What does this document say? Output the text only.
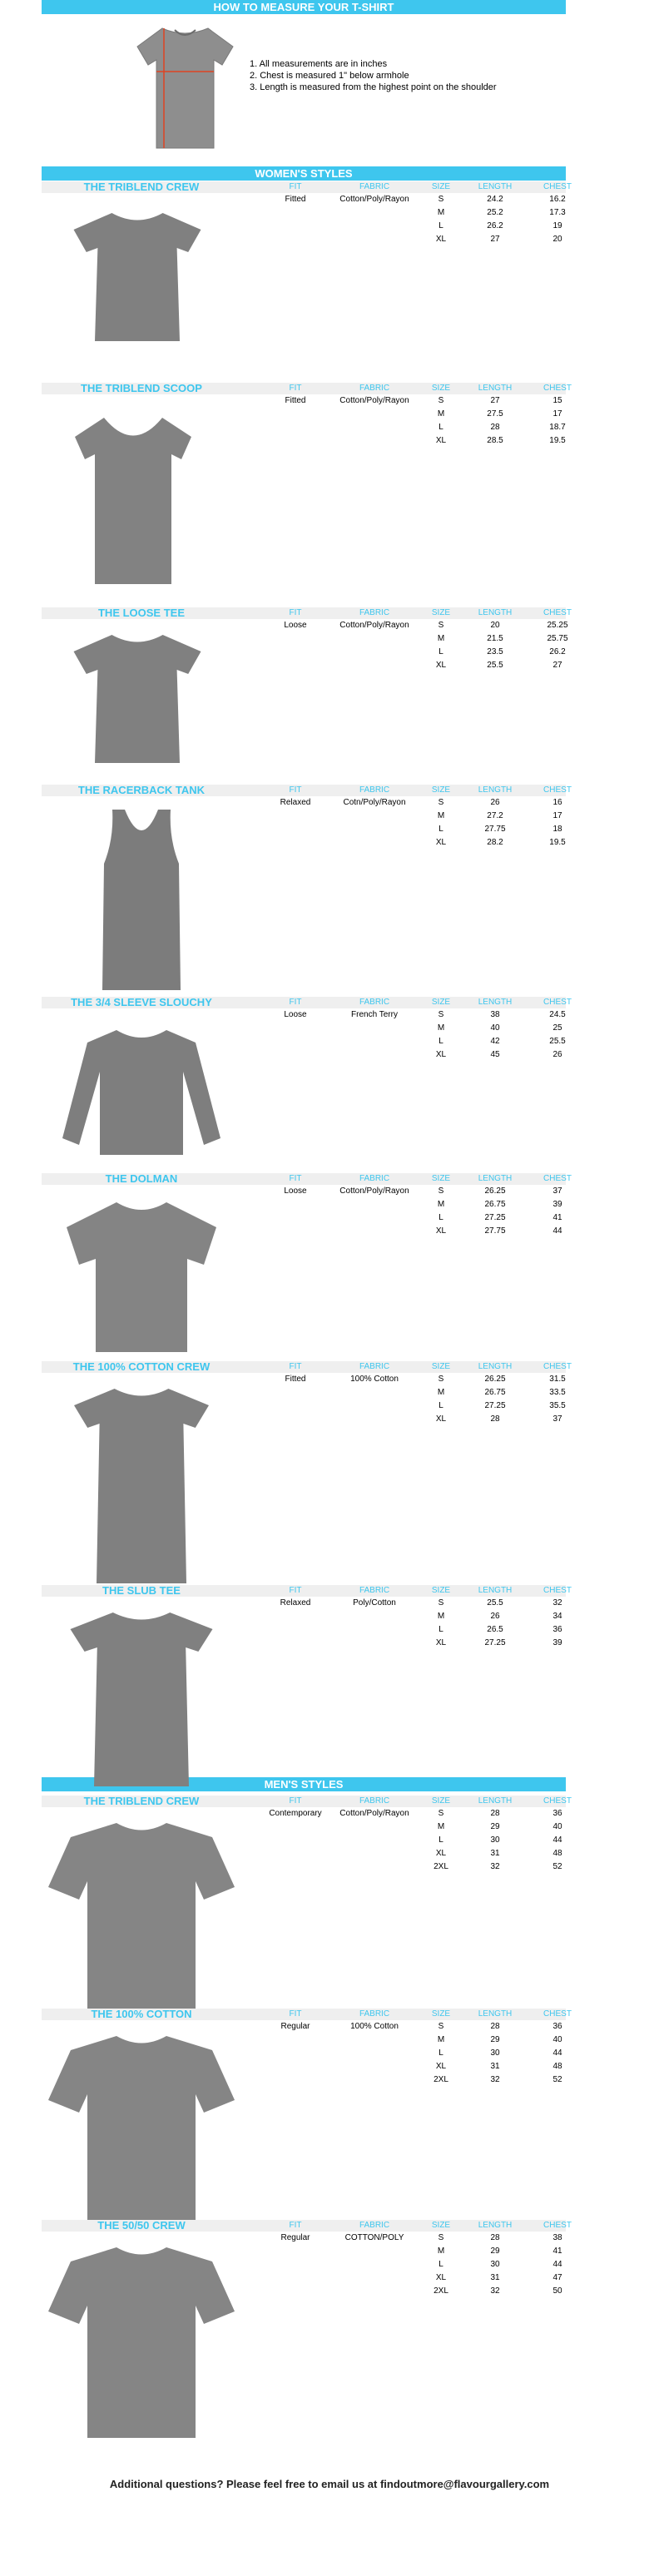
HOW TO MEASURE YOUR T-SHIRT
1. All measurements are in inches
2. Chest is measured 1" below armhole
3. Length is measured from the highest point on the shoulder
WOMEN'S STYLES
MEN'S STYLES
THE TRIBLEND CREW	FIT	FABRIC	SIZE	LENGTH	CHEST
Fitted	Cotton/Poly/Rayon	S	24.2	16.2
M	25.2	17.3
L	26.2	19
XL	27	20
THE TRIBLEND SCOOP	FIT	FABRIC	SIZE	LENGTH	CHEST
Fitted	Cotton/Poly/Rayon	S	27	15
M	27.5	17
L	28	18.7
XL	28.5	19.5
THE LOOSE TEE	FIT	FABRIC	SIZE	LENGTH	CHEST
Loose	Cotton/Poly/Rayon	S	20	25.25
M	21.5	25.75
L	23.5	26.2
XL	25.5	27
THE RACERBACK TANK	FIT	FABRIC	SIZE	LENGTH	CHEST
Relaxed	Cotn/Poly/Rayon	S	26	16
M	27.2	17
L	27.75	18
XL	28.2	19.5
THE 3/4 SLEEVE SLOUCHY	FIT	FABRIC	SIZE	LENGTH	CHEST
Loose	French Terry	S	38	24.5
M	40	25
L	42	25.5
XL	45	26
THE DOLMAN	FIT	FABRIC	SIZE	LENGTH	CHEST
Loose	Cotton/Poly/Rayon	S	26.25	37
M	26.75	39
L	27.25	41
XL	27.75	44
THE 100% COTTON CREW	FIT	FABRIC	SIZE	LENGTH	CHEST
Fitted	100% Cotton	S	26.25	31.5
M	26.75	33.5
L	27.25	35.5
XL	28	37
THE SLUB TEE	FIT	FABRIC	SIZE	LENGTH	CHEST
Relaxed	Poly/Cotton	S	25.5	32
M	26	34
L	26.5	36
XL	27.25	39
THE TRIBLEND CREW	FIT	FABRIC	SIZE	LENGTH	CHEST
Contemporary	Cotton/Poly/Rayon	S	28	36
M	29	40
L	30	44
XL	31	48
2XL	32	52
THE 100% COTTON	FIT	FABRIC	SIZE	LENGTH	CHEST
Regular	100% Cotton	S	28	36
M	29	40
L	30	44
XL	31	48
2XL	32	52
THE 50/50 CREW	FIT	FABRIC	SIZE	LENGTH	CHEST
Regular	COTTON/POLY	S	28	38
M	29	41
L	30	44
XL	31	47
2XL	32	50
Additional questions? Please feel free to email us at findoutmore@flavourgallery.com
